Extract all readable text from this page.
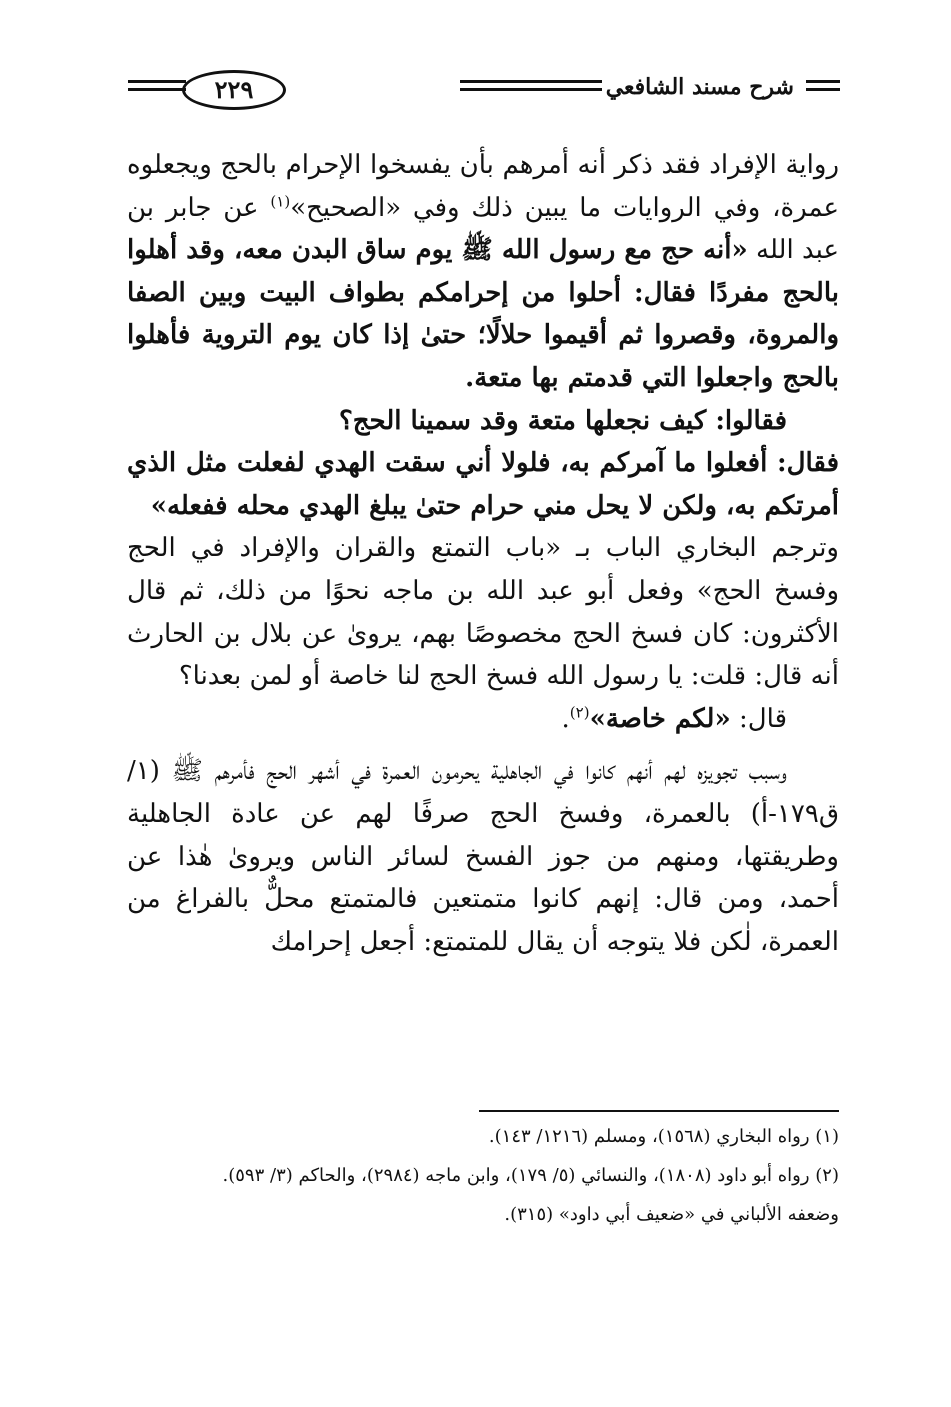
شرح مسند الشافعي
٢٢٩

رواية الإفراد فقد ذكر أنه أمرهم بأن يفسخوا الإحرام بالحج ويجعلوه عمرة، وفي الروايات ما يبين ذلك وفي «الصحيح»$^{(١)}$ عن جابر بن عبد الله «أنه حج مع رسول الله ﷺ يوم ساق البدن معه، وقد أهلوا بالحج مفردًا فقال: أحلوا من إحرامكم بطواف البيت وبين الصفا والمروة، وقصروا ثم أقيموا حلالًا؛ حتىٰ إذا كان يوم التروية فأهلوا بالحج واجعلوا التي قدمتم بها متعة.

فقالوا: كيف نجعلها متعة وقد سمينا الحج؟

فقال: أفعلوا ما آمركم به، فلولا أني سقت الهدي لفعلت مثل الذي أمرتكم به، ولكن لا يحل مني حرام حتىٰ يبلغ الهدي محله ففعله»

وترجم البخاري الباب بـ «باب التمتع والقران والإفراد في الحج وفسخ الحج» وفعل أبو عبد الله بن ماجه نحوًا من ذلك، ثم قال الأكثرون: كان فسخ الحج مخصوصًا بهم، يروىٰ عن بلال بن الحارث أنه قال: قلت: يا رسول الله فسخ الحج لنا خاصة أو لمن بعدنا؟

قال: «لكم خاصة»$^{(٢)}$.

وسبب تجويزه لهم أنهم كانوا في الجاهلية يحرمون العمرة في أشهر الحج فأمرهم ﷺ (١/ق١٧٩-أ) بالعمرة، وفسخ الحج صرفًا لهم عن عادة الجاهلية وطريقتها، ومنهم من جوز الفسخ لسائر الناس ويروىٰ هٰذا عن أحمد، ومن قال: إنهم كانوا متمتعين فالمتمتع محلٌّ بالفراغ من العمرة، لٰكن فلا يتوجه أن يقال للمتمتع: أجعل إحرامك

(١) رواه البخاري (١٥٦٨)، ومسلم (١٢١٦/ ١٤٣).

(٢) رواه أبو داود (١٨٠٨)، والنسائي (٥/ ١٧٩)، وابن ماجه (٢٩٨٤)، والحاكم (٣/ ٥٩٣).

وضعفه الألباني في «ضعيف أبي داود» (٣١٥).
